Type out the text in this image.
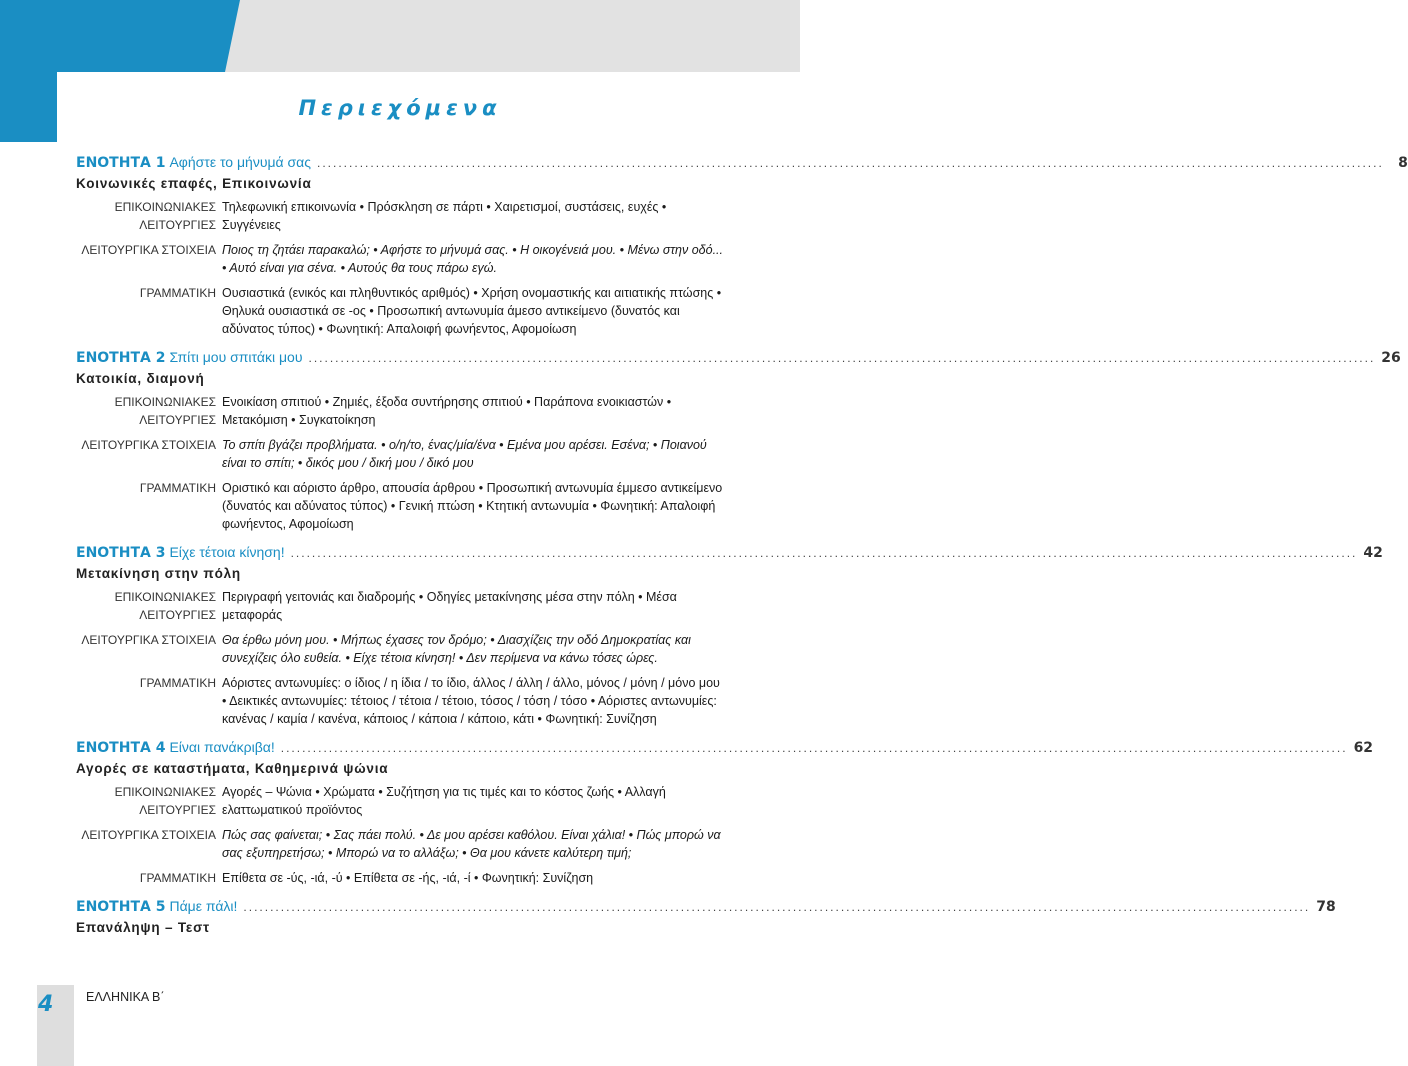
Περιεχόμενα
ΕΝΟΤΗΤΑ 1 Αφήστε το μήνυμά σας ........................................................................................................................................................................................................	8
Κοινωνικές επαφές, Επικοινωνία
ΕΠΙΚΟΙΝΩΝΙΑΚΕΣ
ΛΕΙΤΟΥΡΓΙΕΣ
Τηλεφωνική επικοινωνία • Πρόσκληση σε πάρτι • Χαιρετισμοί, συστάσεις, ευχές • Συγγένειες
ΛΕΙΤΟΥΡΓΙΚΑ ΣΤΟΙΧΕΙΑ Ποιος τη ζητάει παρακαλώ; • Αφήστε το μήνυμά σας. • Η οικογένειά μου. • Μένω στην οδό... • Αυτό είναι για σένα. • Αυτούς θα τους πάρω εγώ.
ΓΡΑΜΜΑΤΙΚΗ Ουσιαστικά (ενικός και πληθυντικός αριθμός) • Χρήση ονομαστικής και αιτιατικής πτώσης • Θηλυκά ουσιαστικά σε -ος • Προσωπική αντωνυμία άμεσο αντικείμενο (δυνατός και αδύνατος τύπος) • Φωνητική: Απαλοιφή φωνήεντος, Αφομοίωση
ΕΝΟΤΗΤΑ 2 Σπίτι μου σπιτάκι μου ........................................................................................................................................................................................................ 26
Κατοικία, διαμονή
ΕΠΙΚΟΙΝΩΝΙΑΚΕΣ
ΛΕΙΤΟΥΡΓΙΕΣ
Ενοικίαση σπιτιού • Ζημιές, έξοδα συντήρησης σπιτιού • Παράπονα ενοικιαστών • Μετακόμιση • Συγκατοίκηση
ΛΕΙΤΟΥΡΓΙΚΑ ΣΤΟΙΧΕΙΑ Το σπίτι βγάζει προβλήματα. • ο/η/το, ένας/μία/ένα • Εμένα μου αρέσει. Εσένα; • Ποιανού είναι το σπίτι; • δικός μου / δική μου / δικό μου
ΓΡΑΜΜΑΤΙΚΗ Οριστικό και αόριστο άρθρο, απουσία άρθρου • Προσωπική αντωνυμία έμμεσο αντικείμενο (δυνατός και αδύνατος τύπος) • Γενική πτώση • Κτητική αντωνυμία • Φωνητική: Απαλοιφή φωνήεντος, Αφομοίωση
ΕΝΟΤΗΤΑ 3 Είχε τέτοια κίνηση! ........................................................................................................................................................................................................ 42
Μετακίνηση στην πόλη
ΕΠΙΚΟΙΝΩΝΙΑΚΕΣ
ΛΕΙΤΟΥΡΓΙΕΣ
Περιγραφή γειτονιάς και διαδρομής • Οδηγίες μετακίνησης μέσα στην πόλη • Μέσα μεταφοράς
ΛΕΙΤΟΥΡΓΙΚΑ ΣΤΟΙΧΕΙΑ Θα έρθω μόνη μου. • Μήπως έχασες τον δρόμο; • Διασχίζεις την οδό Δημοκρατίας και συνεχίζεις όλο ευθεία. • Είχε τέτοια κίνηση! • Δεν περίμενα να κάνω τόσες ώρες.
ΓΡΑΜΜΑΤΙΚΗ Αόριστες αντωνυμίες: ο ίδιος / η ίδια / το ίδιο, άλλος / άλλη / άλλο, μόνος / μόνη / μόνο μου • Δεικτικές αντωνυμίες: τέτοιος / τέτοια / τέτοιο, τόσος / τόση / τόσο • Αόριστες αντωνυμίες: κανένας / καμία / κανένα, κάποιος / κάποια / κάποιο, κάτι • Φωνητική: Συνίζηση
ΕΝΟΤΗΤΑ 4 Είναι πανάκριβα! ........................................................................................................................................................................................................ 62
Αγορές σε καταστήματα, Καθημερινά ψώνια
ΕΠΙΚΟΙΝΩΝΙΑΚΕΣ
ΛΕΙΤΟΥΡΓΙΕΣ
Αγορές – Ψώνια • Χρώματα • Συζήτηση για τις τιμές και το κόστος ζωής • Αλλαγή ελαττωματικού προϊόντος
ΛΕΙΤΟΥΡΓΙΚΑ ΣΤΟΙΧΕΙΑ Πώς σας φαίνεται; • Σας πάει πολύ. • Δε μου αρέσει καθόλου. Είναι χάλια! • Πώς μπορώ να σας εξυπηρετήσω; • Μπορώ να το αλλάξω; • Θα μου κάνετε καλύτερη τιμή;
ΓΡΑΜΜΑΤΙΚΗ Επίθετα σε -ύς, -ιά, -ύ • Επίθετα σε -ής, -ιά, -ί • Φωνητική: Συνίζηση
ΕΝΟΤΗΤΑ 5 Πάμε πάλι! ........................................................................................................................................................................................................ 78
Επανάληψη – Τεστ
4	ΕΛΛΗΝΙΚΑ Β΄
